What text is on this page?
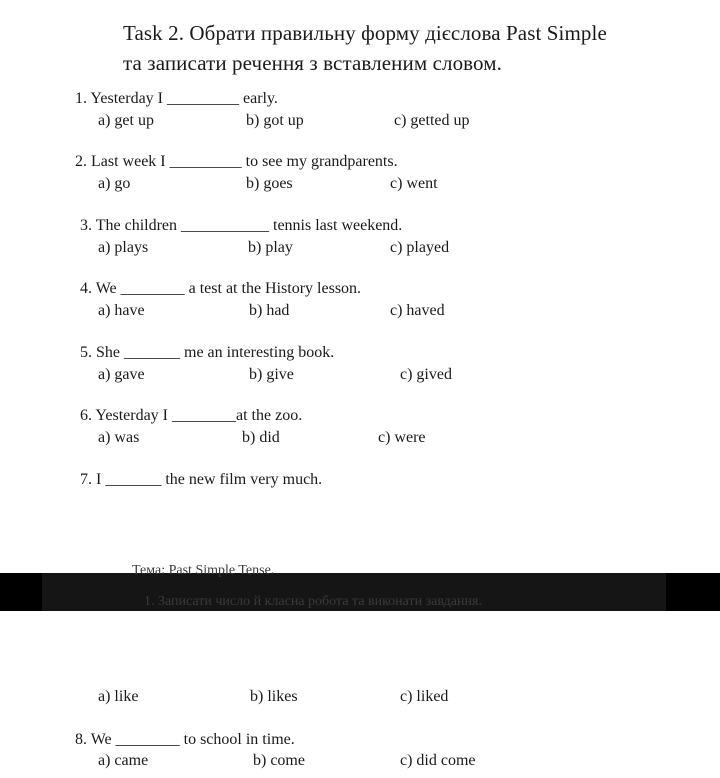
Task 2. Обрати правильну форму дієслова Past Simple
та записати речення з вставленим словом.
1. Yesterday I _________ early.
a) get up	b) got up	c) getted up
2. Last week I _________ to see my grandparents.
a) go	b) goes	c) went
3. The children ___________ tennis last weekend.
a) plays	b) play	c) played
4. We ________ a test at the History lesson.
a) have	b) had	c) haved
5. She _______ me an interesting book.
a) gave	b) give	c) gived
6. Yesterday I ________at the zoo.
a) was	b) did	c) were
7. I _______ the new film very much.
Тема: Past Simple Tense.
1. Записати число й класна робота та виконати завдання.
a) like	b) likes	c) liked
8. We ________ to school in time.
a) came	b) come	c) did come
